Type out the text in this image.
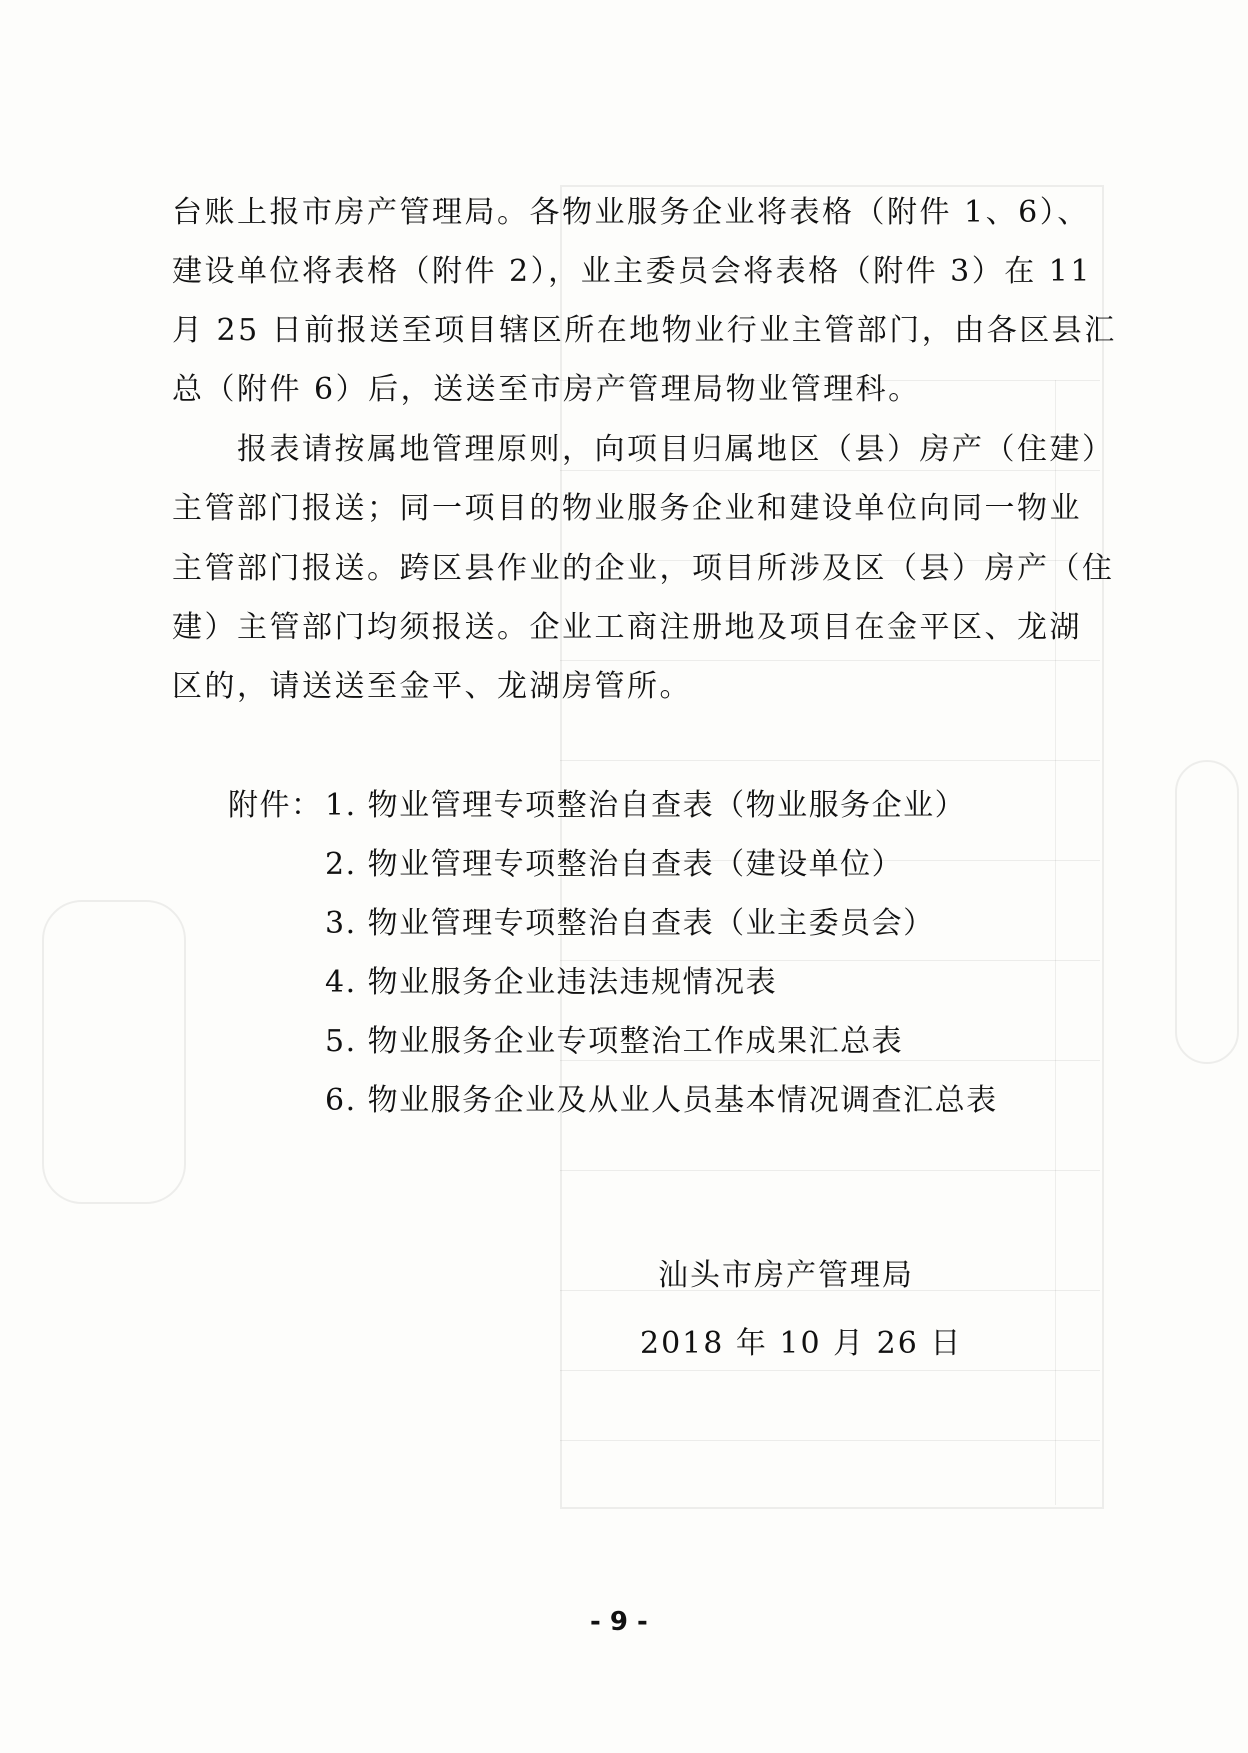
台账上报市房产管理局。各物业服务企业将表格（附件 1、6）、
建设单位将表格（附件 2），业主委员会将表格（附件 3）在 11
月 25 日前报送至项目辖区所在地物业行业主管部门，由各区县汇
总（附件 6）后，送送至市房产管理局物业管理科。
　　报表请按属地管理原则，向项目归属地区（县）房产（住建）
主管部门报送；同一项目的物业服务企业和建设单位向同一物业
主管部门报送。跨区县作业的企业，项目所涉及区（县）房产（住
建）主管部门均须报送。企业工商注册地及项目在金平区、龙湖
区的，请送送至金平、龙湖房管所。
附件： 1. 物业管理专项整治自查表（物业服务企业）
2. 物业管理专项整治自查表（建设单位）
3. 物业管理专项整治自查表（业主委员会）
4. 物业服务企业违法违规情况表
5. 物业服务企业专项整治工作成果汇总表
6. 物业服务企业及从业人员基本情况调查汇总表
汕头市房产管理局
2018 年 10 月 26 日
- 9 -
